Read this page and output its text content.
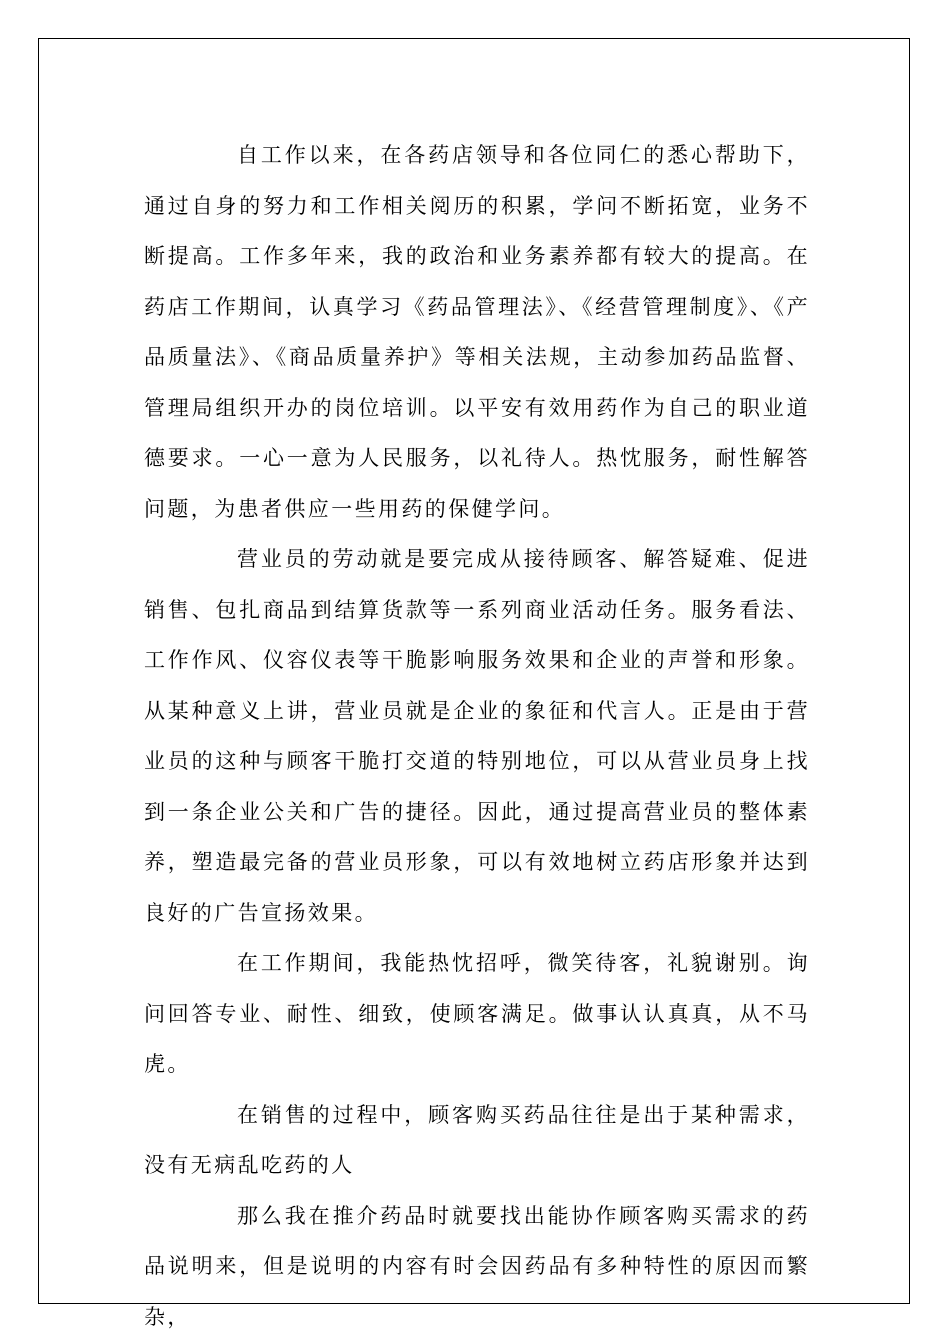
自工作以来，在各药店领导和各位同仁的悉心帮助下，通过自身的努力和工作相关阅历的积累，学问不断拓宽，业务不断提高。工作多年来，我的政治和业务素养都有较大的提高。在药店工作期间，认真学习《药品管理法》、《经营管理制度》、《产品质量法》、《商品质量养护》等相关法规，主动参加药品监督、管理局组织开办的岗位培训。以平安有效用药作为自己的职业道德要求。一心一意为人民服务，以礼待人。热忱服务，耐性解答问题，为患者供应一些用药的保健学问。

营业员的劳动就是要完成从接待顾客、解答疑难、促进销售、包扎商品到结算货款等一系列商业活动任务。服务看法、工作作风、仪容仪表等干脆影响服务效果和企业的声誉和形象。从某种意义上讲，营业员就是企业的象征和代言人。正是由于营业员的这种与顾客干脆打交道的特别地位，可以从营业员身上找到一条企业公关和广告的捷径。因此，通过提高营业员的整体素养，塑造最完备的营业员形象，可以有效地树立药店形象并达到良好的广告宣扬效果。

在工作期间，我能热忱招呼，微笑待客，礼貌谢别。询问回答专业、耐性、细致，使顾客满足。做事认认真真，从不马虎。

在销售的过程中，顾客购买药品往往是出于某种需求，没有无病乱吃药的人

那么我在推介药品时就要找出能协作顾客购买需求的药品说明来，但是说明的内容有时会因药品有多种特性的原因而繁杂，
